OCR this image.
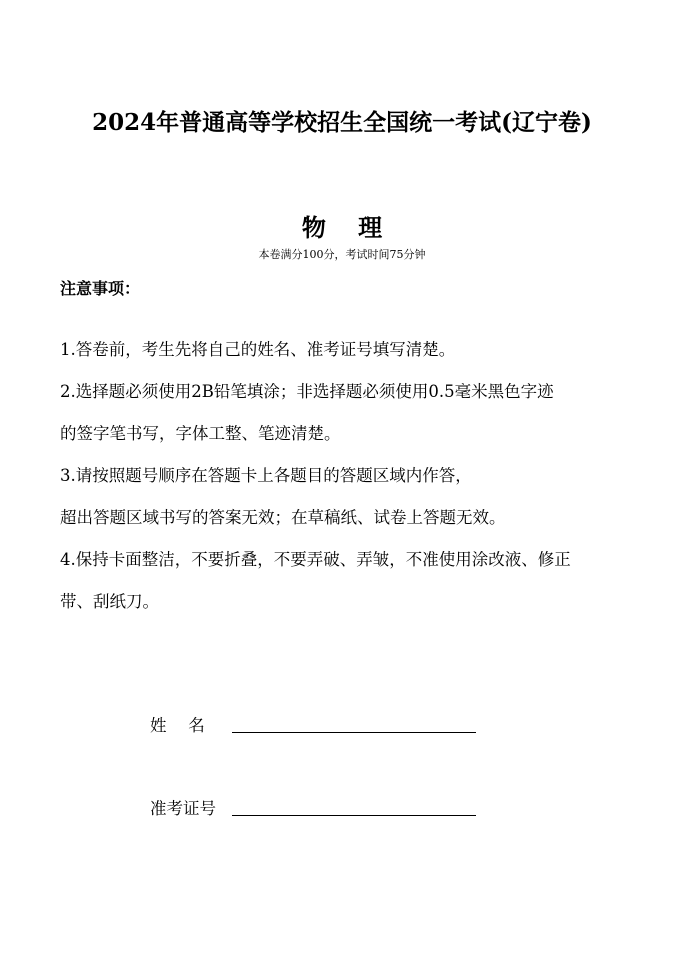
2024年普通高等学校招生全国统一考试(辽宁卷)
物　 理
本卷满分100分，考试时间75分钟
注意事项：
1.答卷前，考生先将自己的姓名、准考证号填写清楚。
2.选择题必须使用2B铅笔填涂；非选择题必须使用0.5毫米黑色字迹
的签字笔书写，字体工整、笔迹清楚。
3.请按照题号顺序在答题卡上各题目的答题区域内作答，
超出答题区域书写的答案无效；在草稿纸、试卷上答题无效。
4.保持卡面整洁，不要折叠，不要弄破、弄皱，不准使用涂改液、修正
带、刮纸刀。
姓　 名
准考证号
